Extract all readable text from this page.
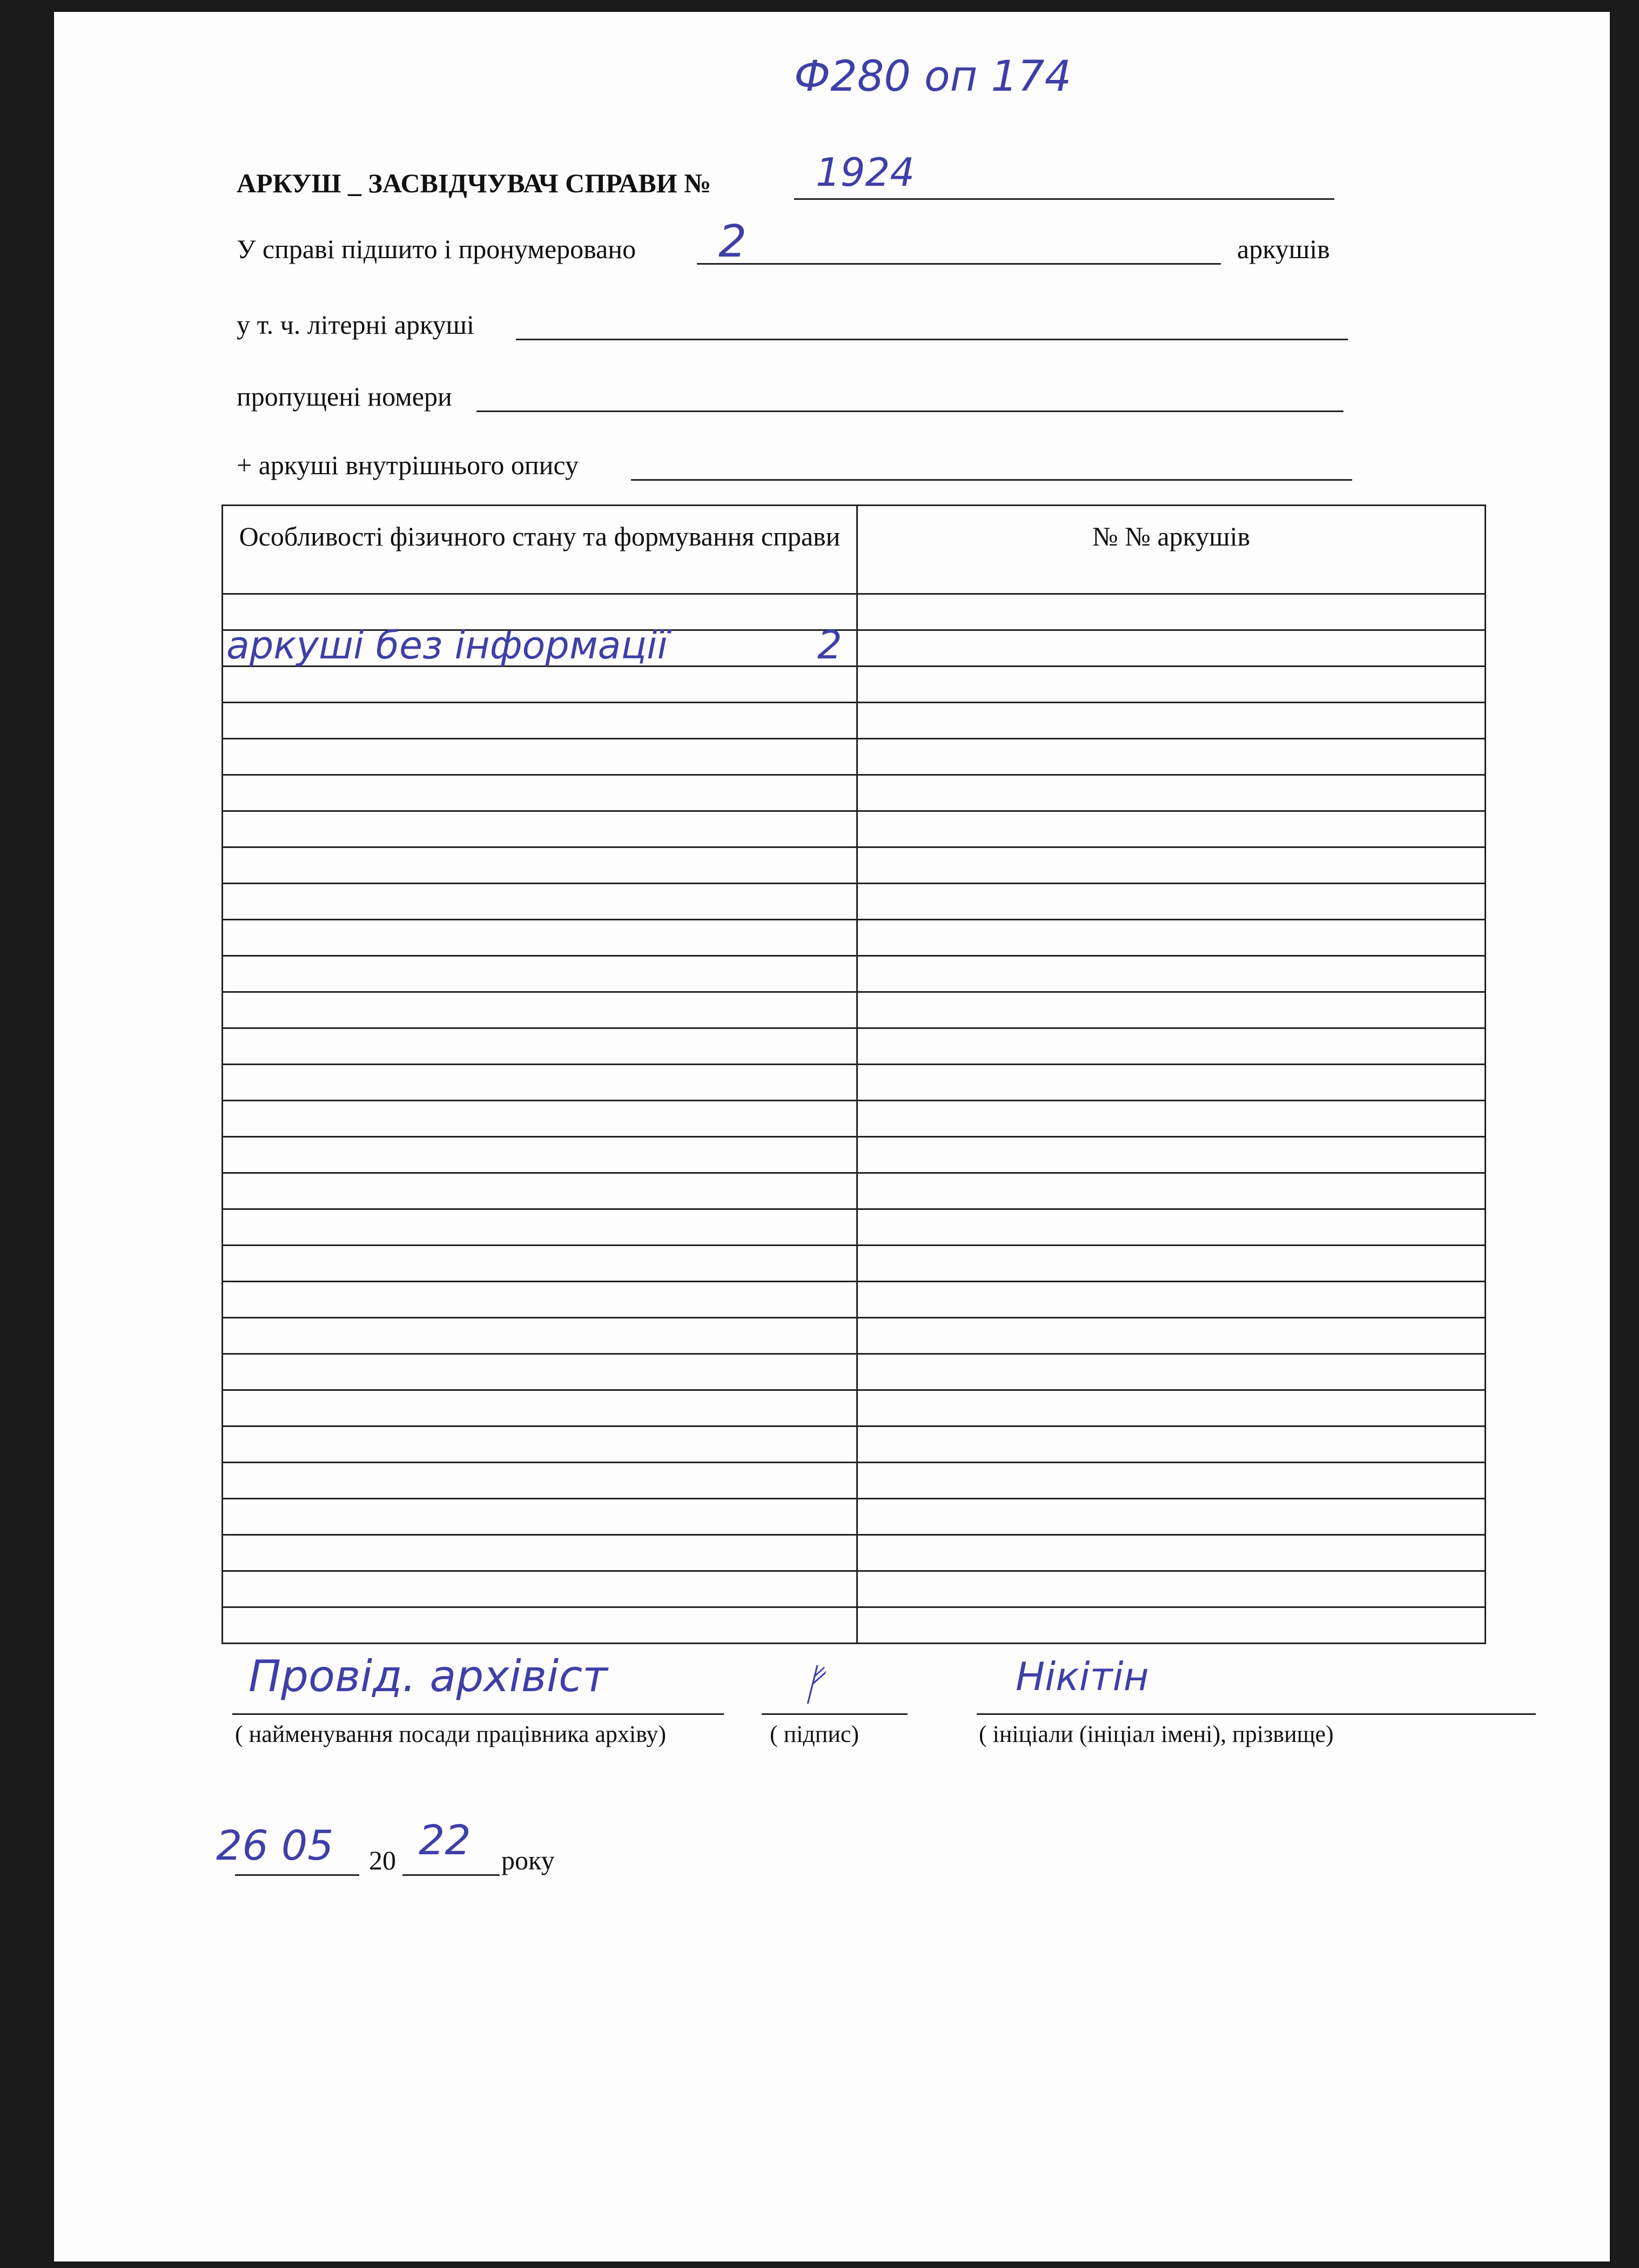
Ф280 оп 174
АРКУШ _ ЗАСВІДЧУВАЧ СПРАВИ №	1924
У справі підшито і пронумеровано 2	аркушів
у т. ч. літерні аркуші
пропущені номери
+ аркуші внутрішнього опису
Особливості фізичного стану та формування справи	№ № аркушів

аркуші без інформації 2	

Провід. архівіст
( найменування посади працівника архіву)
ᚠ
( підпис)
Нікітін
( ініціали (ініціал імені), прізвище)
26 05 20 22 року
